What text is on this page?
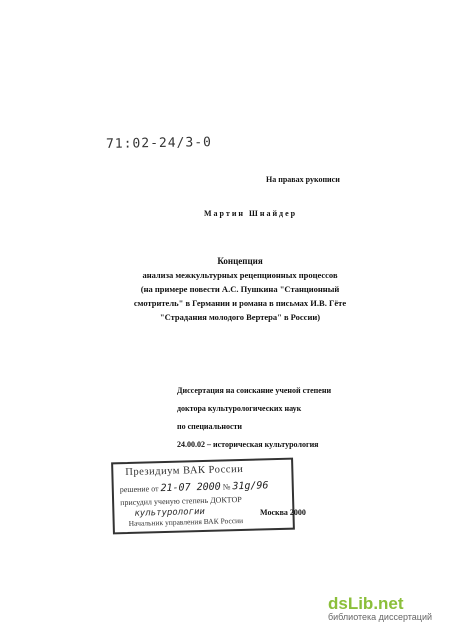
71:02-24/3-0
На правах рукописи
Мартин Шнайдер
Концепция
анализа межкультурных рецепционных процессов
(на примере повести А.С. Пушкина "Станционный
смотритель" в Германии и романа в письмах И.В. Гёте
"Страдания молодого Вертера" в России)
Диссертация на соискание ученой степени
доктора культурологических наук
по специальности
24.00.02 – историческая культурология
Президиум ВАК России
решение от 21-07 2000 № 31g/96
присудил ученую степень ДОКТОР
культурологии
Начальник управления ВАК России
Москва 2000
dsLib.net
библиотека диссертаций
